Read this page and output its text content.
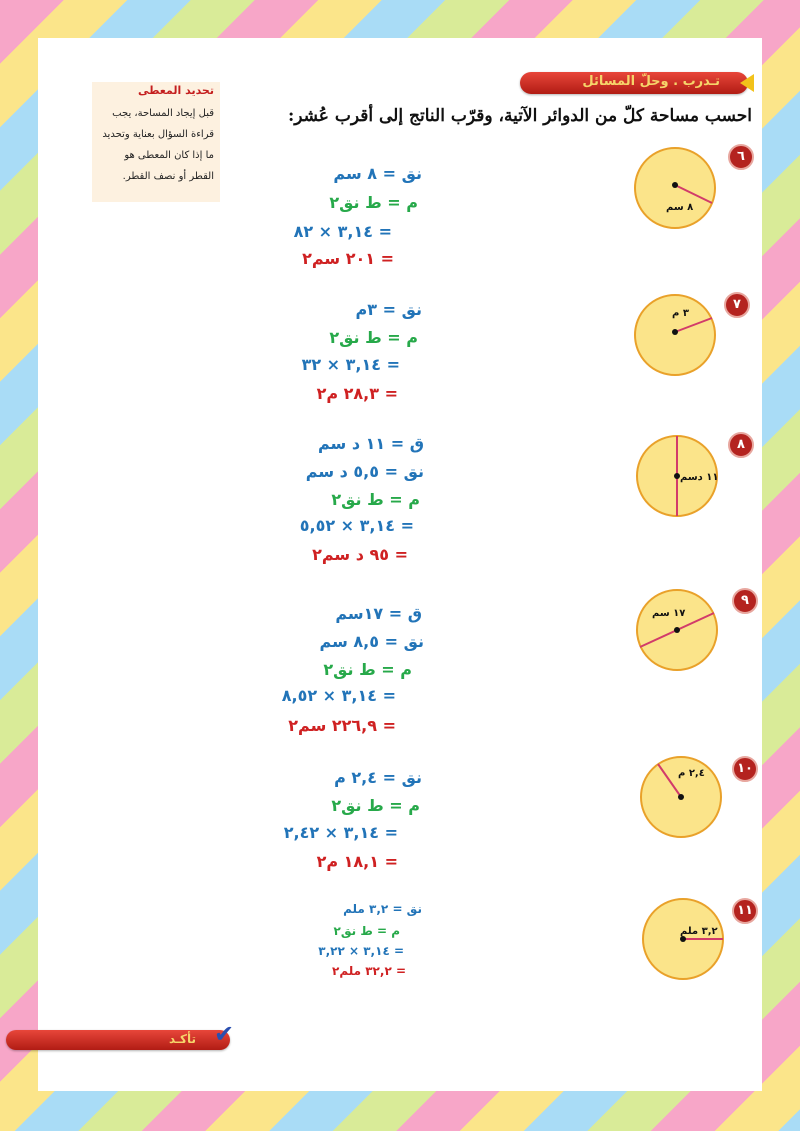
تـدرب . وحلّ المسائل
احسب مساحة كلّ من الدوائر الآتية، وقرّب الناتج إلى أقرب عُشر:
تحديد المعطى
قبل إيجاد المساحة، يجب قراءة السؤال بعناية وتحديد ما إذا كان المعطى هو القطر أو نصف القطر.
٦
٨ سم
نق = ٨ سم
م = ط نق٢
= ٣,١٤ × ٨٢
= ٢٠١ سم٢
٧
٣ م
نق = ٣م
م = ط نق٢
= ٣,١٤ × ٣٢
= ٢٨,٣ م٢
٨
١١ دسم
ق = ١١ د سم
نق = ٥,٥ د سم
م = ط نق٢
= ٣,١٤ × ٥,٥٢
= ٩٥ د سم٢
٩
١٧ سم
ق = ١٧سم
نق = ٨,٥ سم
م = ط نق٢
= ٣,١٤ × ٨,٥٢
= ٢٢٦,٩ سم٢
١٠
٢,٤ م
نق = ٢,٤ م
م = ط نق٢
= ٣,١٤ × ٢,٤٢
= ١٨,١ م٢
١١
٣,٢ ملم
نق = ٣,٢ ملم
م = ط نق٢
= ٣,١٤ × ٣,٢٢
= ٣٢,٢ ملم٢
تأكـد ✔
